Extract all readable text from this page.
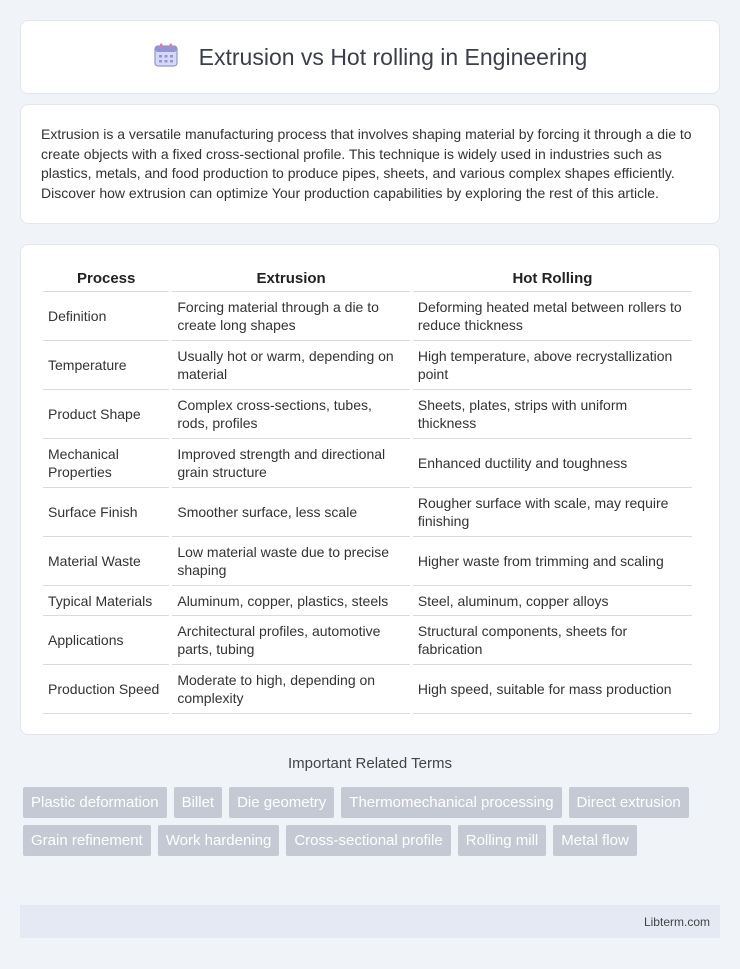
Extrusion vs Hot rolling in Engineering

Extrusion is a versatile manufacturing process that involves shaping material by forcing it through a die to create objects with a fixed cross-sectional profile. This technique is widely used in industries such as plastics, metals, and food production to produce pipes, sheets, and various complex shapes efficiently. Discover how extrusion can optimize Your production capabilities by exploring the rest of this article.

Process	Extrusion	Hot Rolling
Definition	Forcing material through a die to create long shapes	Deforming heated metal between rollers to reduce thickness
Temperature	Usually hot or warm, depending on material	High temperature, above recrystallization point
Product Shape	Complex cross-sections, tubes, rods, profiles	Sheets, plates, strips with uniform thickness
Mechanical Properties	Improved strength and directional grain structure	Enhanced ductility and toughness
Surface Finish	Smoother surface, less scale	Rougher surface with scale, may require finishing
Material Waste	Low material waste due to precise shaping	Higher waste from trimming and scaling
Typical Materials	Aluminum, copper, plastics, steels	Steel, aluminum, copper alloys
Applications	Architectural profiles, automotive parts, tubing	Structural components, sheets for fabrication
Production Speed	Moderate to high, depending on complexity	High speed, suitable for mass production
Important Related Terms
Plastic deformation	Billet	Die geometry	Thermomechanical processing	Direct extrusion
Grain refinement	Work hardening	Cross-sectional profile	Rolling mill	Metal flow
Libterm.com
